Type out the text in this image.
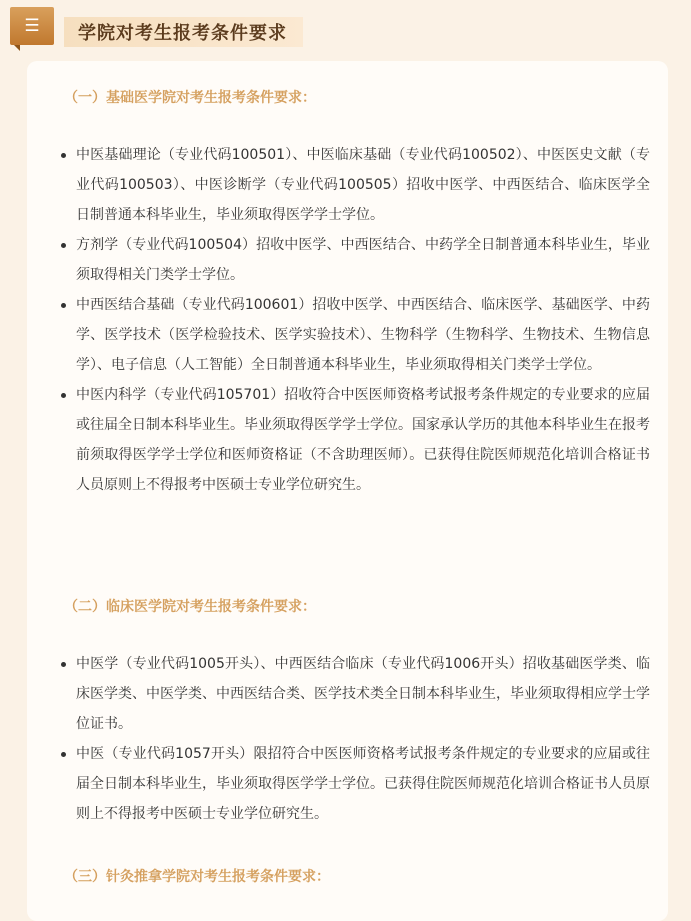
☰	学院对考生报考条件要求
（一）基础医学院对考生报考条件要求：
中医基础理论（专业代码100501）、中医临床基础（专业代码100502）、中医医史文献（专业代码100503）、中医诊断学（专业代码100505）招收中医学、中西医结合、临床医学全日制普通本科毕业生，毕业须取得医学学士学位。
方剂学（专业代码100504）招收中医学、中西医结合、中药学全日制普通本科毕业生，毕业须取得相关门类学士学位。
中西医结合基础（专业代码100601）招收中医学、中西医结合、临床医学、基础医学、中药学、医学技术（医学检验技术、医学实验技术）、生物科学（生物科学、生物技术、生物信息学）、电子信息（人工智能）全日制普通本科毕业生，毕业须取得相关门类学士学位。
中医内科学（专业代码105701）招收符合中医医师资格考试报考条件规定的专业要求的应届或往届全日制本科毕业生。毕业须取得医学学士学位。国家承认学历的其他本科毕业生在报考前须取得医学学士学位和医师资格证（不含助理医师）。已获得住院医师规范化培训合格证书人员原则上不得报考中医硕士专业学位研究生。
（二）临床医学院对考生报考条件要求：
中医学（专业代码1005开头）、中西医结合临床（专业代码1006开头）招收基础医学类、临床医学类、中医学类、中西医结合类、医学技术类全日制本科毕业生，毕业须取得相应学士学位证书。
中医（专业代码1057开头）限招符合中医医师资格考试报考条件规定的专业要求的应届或往届全日制本科毕业生，毕业须取得医学学士学位。已获得住院医师规范化培训合格证书人员原则上不得报考中医硕士专业学位研究生。
（三）针灸推拿学院对考生报考条件要求：
